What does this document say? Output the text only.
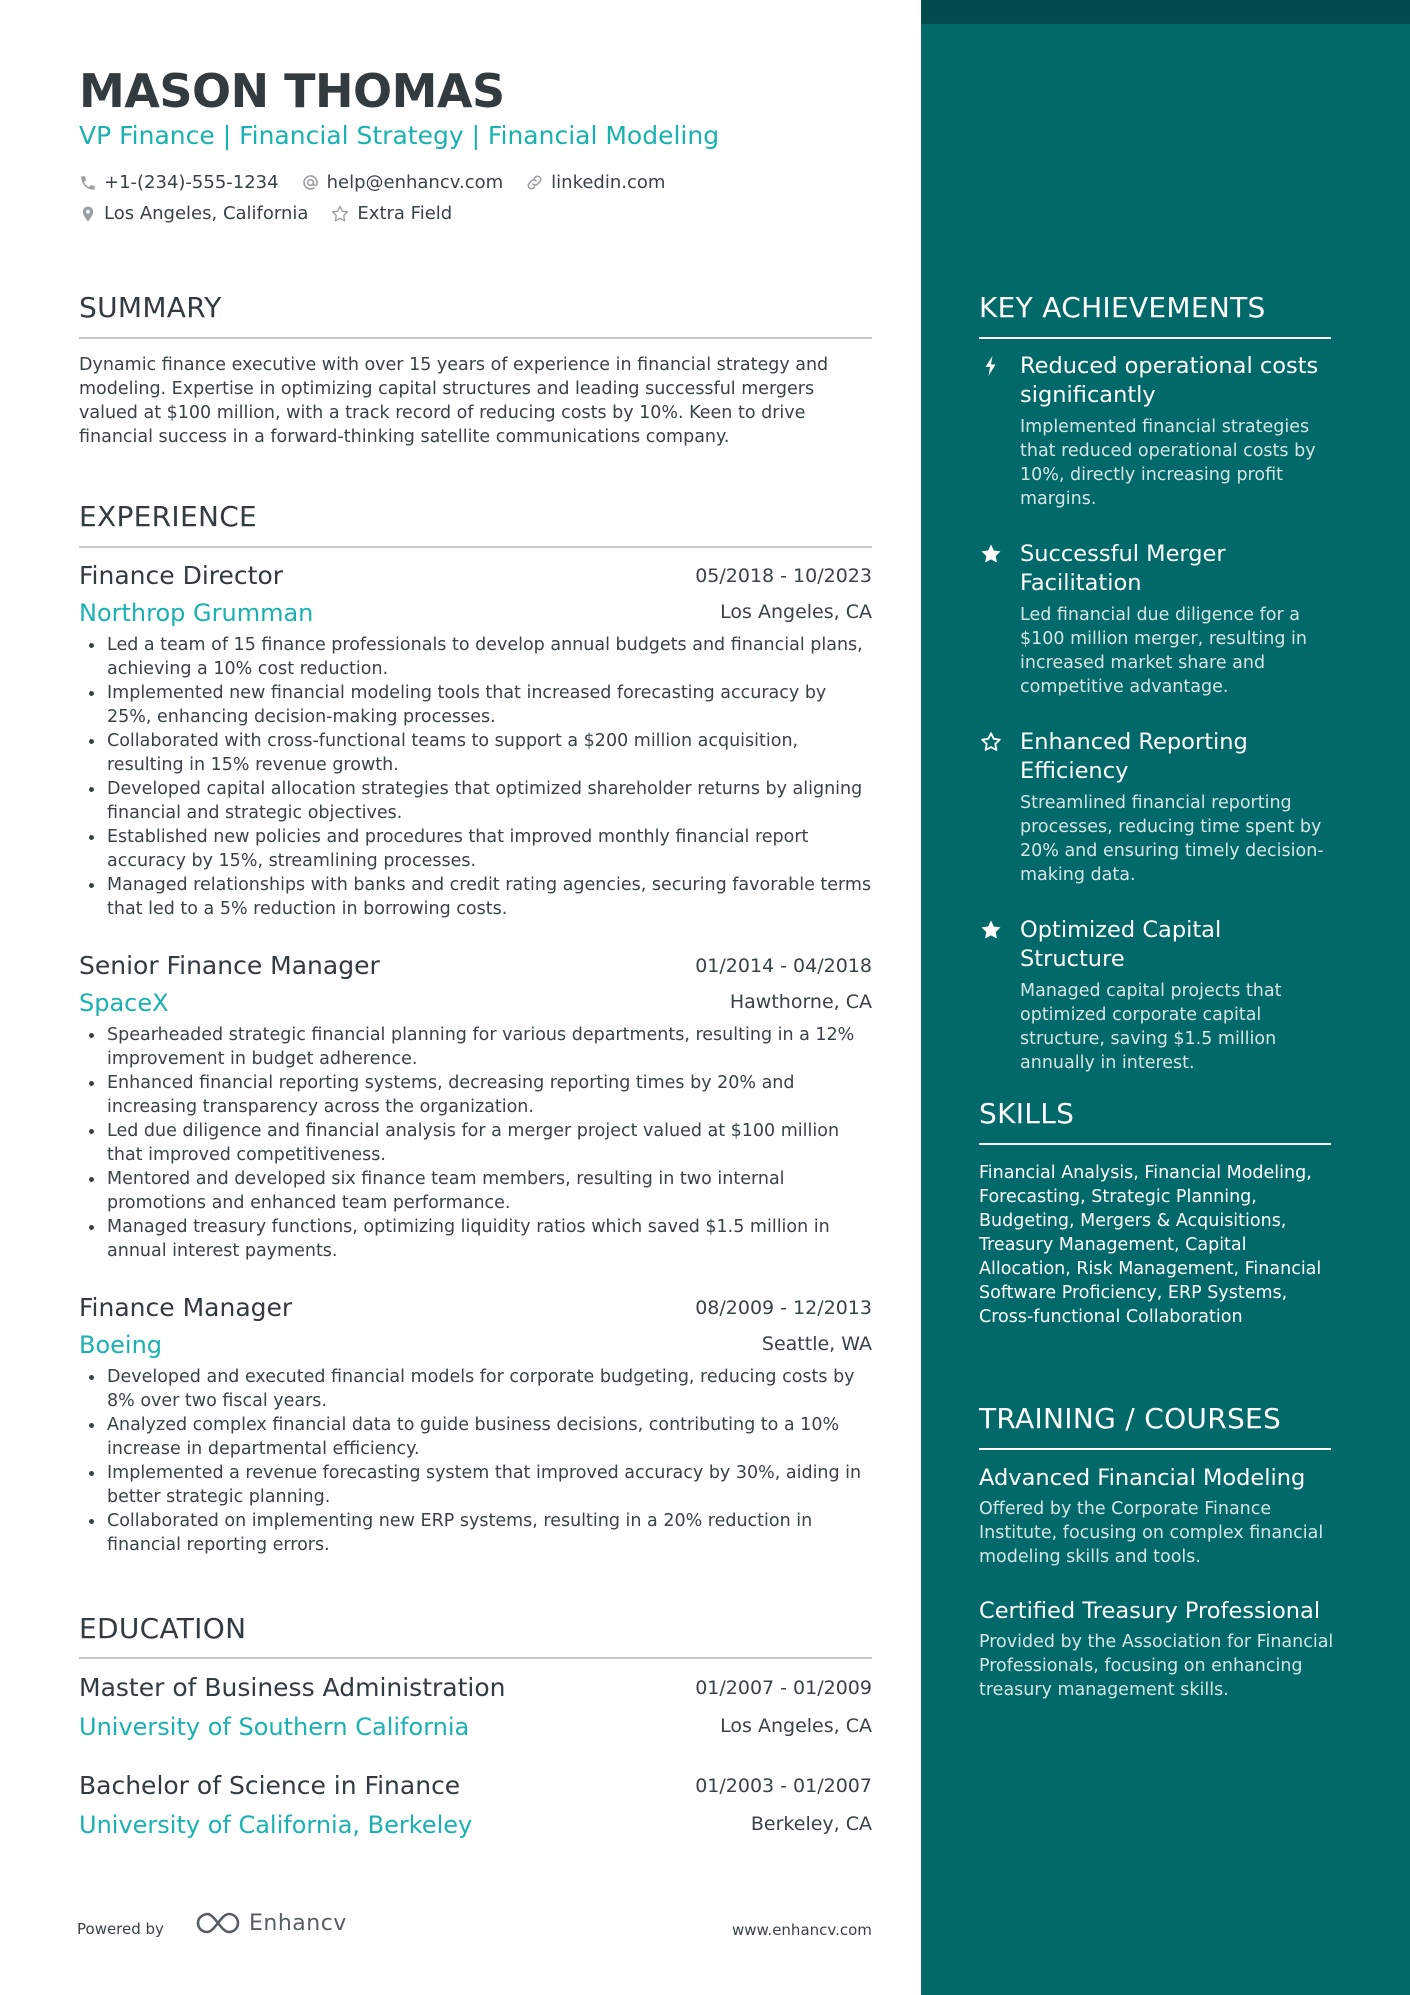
MASON THOMAS
VP Finance | Financial Strategy | Financial Modeling
+1-(234)-555-1234	help@enhancv.com	linkedin.com
Los Angeles, California	Extra Field
SUMMARY
Dynamic finance executive with over 15 years of experience in financial strategy and modeling. Expertise in optimizing capital structures and leading successful mergers valued at $100 million, with a track record of reducing costs by 10%. Keen to drive financial success in a forward-thinking satellite communications company.
EXPERIENCE
Finance Director	05/2018 - 10/2023
Northrop Grumman	Los Angeles, CA
Led a team of 15 finance professionals to develop annual budgets and financial plans, achieving a 10% cost reduction.
Implemented new financial modeling tools that increased forecasting accuracy by 25%, enhancing decision-making processes.
Collaborated with cross-functional teams to support a $200 million acquisition, resulting in 15% revenue growth.
Developed capital allocation strategies that optimized shareholder returns by aligning financial and strategic objectives.
Established new policies and procedures that improved monthly financial report accuracy by 15%, streamlining processes.
Managed relationships with banks and credit rating agencies, securing favorable terms that led to a 5% reduction in borrowing costs.
Senior Finance Manager	01/2014 - 04/2018
SpaceX	Hawthorne, CA
Spearheaded strategic financial planning for various departments, resulting in a 12% improvement in budget adherence.
Enhanced financial reporting systems, decreasing reporting times by 20% and increasing transparency across the organization.
Led due diligence and financial analysis for a merger project valued at $100 million that improved competitiveness.
Mentored and developed six finance team members, resulting in two internal promotions and enhanced team performance.
Managed treasury functions, optimizing liquidity ratios which saved $1.5 million in annual interest payments.
Finance Manager	08/2009 - 12/2013
Boeing	Seattle, WA
Developed and executed financial models for corporate budgeting, reducing costs by 8% over two fiscal years.
Analyzed complex financial data to guide business decisions, contributing to a 10% increase in departmental efficiency.
Implemented a revenue forecasting system that improved accuracy by 30%, aiding in better strategic planning.
Collaborated on implementing new ERP systems, resulting in a 20% reduction in financial reporting errors.
EDUCATION
Master of Business Administration	01/2007 - 01/2009
University of Southern California	Los Angeles, CA
Bachelor of Science in Finance	01/2003 - 01/2007
University of California, Berkeley	Berkeley, CA
Powered by	Enhancv	www.enhancv.com
KEY ACHIEVEMENTS
Reduced operational costs significantly
Implemented financial strategies that reduced operational costs by 10%, directly increasing profit margins.
Successful Merger Facilitation
Led financial due diligence for a $100 million merger, resulting in increased market share and competitive advantage.
Enhanced Reporting Efficiency
Streamlined financial reporting processes, reducing time spent by 20% and ensuring timely decision-making data.
Optimized Capital Structure
Managed capital projects that optimized corporate capital structure, saving $1.5 million annually in interest.
SKILLS
Financial Analysis, Financial Modeling, Forecasting, Strategic Planning, Budgeting, Mergers & Acquisitions, Treasury Management, Capital Allocation, Risk Management, Financial Software Proficiency, ERP Systems, Cross-functional Collaboration
TRAINING / COURSES
Advanced Financial Modeling
Offered by the Corporate Finance Institute, focusing on complex financial modeling skills and tools.
Certified Treasury Professional
Provided by the Association for Financial Professionals, focusing on enhancing treasury management skills.
